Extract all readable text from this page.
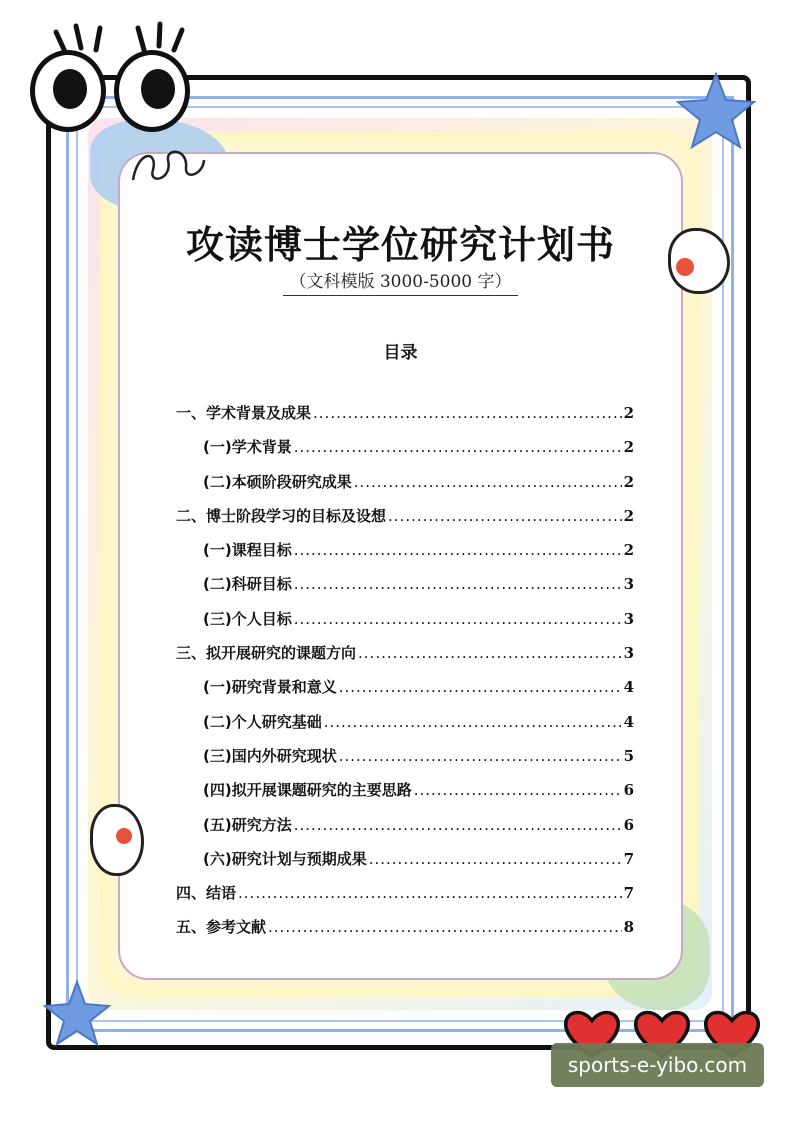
攻读博士学位研究计划书
（文科模版 3000-5000 字）
目录
一、学术背景及成果 .....	2
(一)学术背景 .....	2
(二)本硕阶段研究成果 .....	2
二、博士阶段学习的目标及设想 .....	2
(一)课程目标 .....	2
(二)科研目标 .....	3
(三)个人目标 .....	3
三、拟开展研究的课题方向 .....	3
(一)研究背景和意义 .....	4
(二)个人研究基础 .....	4
(三)国内外研究现状 .....	5
(四)拟开展课题研究的主要思路 .....	6
(五)研究方法 .....	6
(六)研究计划与预期成果 .....	7
四、结语 .....	7
五、参考文献 .....	8
sports-e-yibo.com
